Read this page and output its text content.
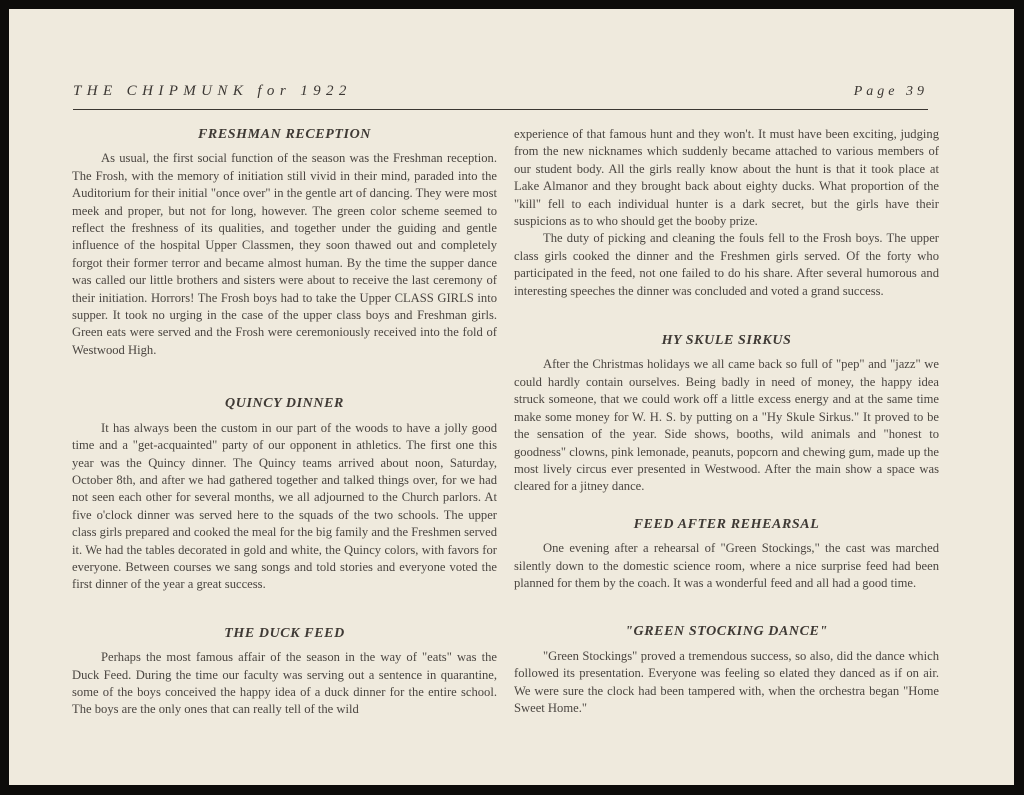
THE CHIPMUNK for 1922	Page 39
FRESHMAN RECEPTION

As usual, the first social function of the season was the Freshman reception. The Frosh, with the memory of initiation still vivid in their mind, paraded into the Auditorium for their initial "once over" in the gentle art of dancing. They were most meek and proper, but not for long, however. The green color scheme seemed to reflect the freshness of its qualities, and together under the guiding and gentle influence of the hospital Upper Classmen, they soon thawed out and completely forgot their former terror and became almost human. By the time the supper dance was called our little brothers and sisters were about to receive the last ceremony of their initiation. Horrors! The Frosh boys had to take the Upper CLASS GIRLS into supper. It took no urging in the case of the upper class boys and Freshman girls. Green eats were served and the Frosh were ceremoniously received into the fold of Westwood High.

QUINCY DINNER

It has always been the custom in our part of the woods to have a jolly good time and a "get-acquainted" party of our opponent in athletics. The first one this year was the Quincy dinner. The Quincy teams arrived about noon, Saturday, October 8th, and after we had gathered together and talked things over, for we had not seen each other for several months, we all adjourned to the Church parlors. At five o'clock dinner was served here to the squads of the two schools. The upper class girls prepared and cooked the meal for the big family and the Freshmen served it. We had the tables decorated in gold and white, the Quincy colors, with favors for everyone. Between courses we sang songs and told stories and everyone voted the first dinner of the year a great success.

THE DUCK FEED

Perhaps the most famous affair of the season in the way of "eats" was the Duck Feed. During the time our faculty was serving out a sentence in quarantine, some of the boys conceived the happy idea of a duck dinner for the entire school. The boys are the only ones that can really tell of the wild

experience of that famous hunt and they won't. It must have been exciting, judging from the new nicknames which suddenly became attached to various members of our student body. All the girls really know about the hunt is that it took place at Lake Almanor and they brought back about eighty ducks. What proportion of the "kill" fell to each individual hunter is a dark secret, but the girls have their suspicions as to who should get the booby prize.

The duty of picking and cleaning the fouls fell to the Frosh boys. The upper class girls cooked the dinner and the Freshmen girls served. Of the forty who participated in the feed, not one failed to do his share. After several humorous and interesting speeches the dinner was concluded and voted a grand success.

HY SKULE SIRKUS

After the Christmas holidays we all came back so full of "pep" and "jazz" we could hardly contain ourselves. Being badly in need of money, the happy idea struck someone, that we could work off a little excess energy and at the same time make some money for W. H. S. by putting on a "Hy Skule Sirkus." It proved to be the sensation of the year. Side shows, booths, wild animals and "honest to goodness" clowns, pink lemonade, peanuts, popcorn and chewing gum, made up the most lively circus ever presented in Westwood. After the main show a space was cleared for a jitney dance.

FEED AFTER REHEARSAL

One evening after a rehearsal of "Green Stockings," the cast was marched silently down to the domestic science room, where a nice surprise feed had been planned for them by the coach. It was a wonderful feed and all had a good time.

"GREEN STOCKING DANCE"

"Green Stockings" proved a tremendous success, so also, did the dance which followed its presentation. Everyone was feeling so elated they danced as if on air. We were sure the clock had been tampered with, when the orchestra began "Home Sweet Home."
